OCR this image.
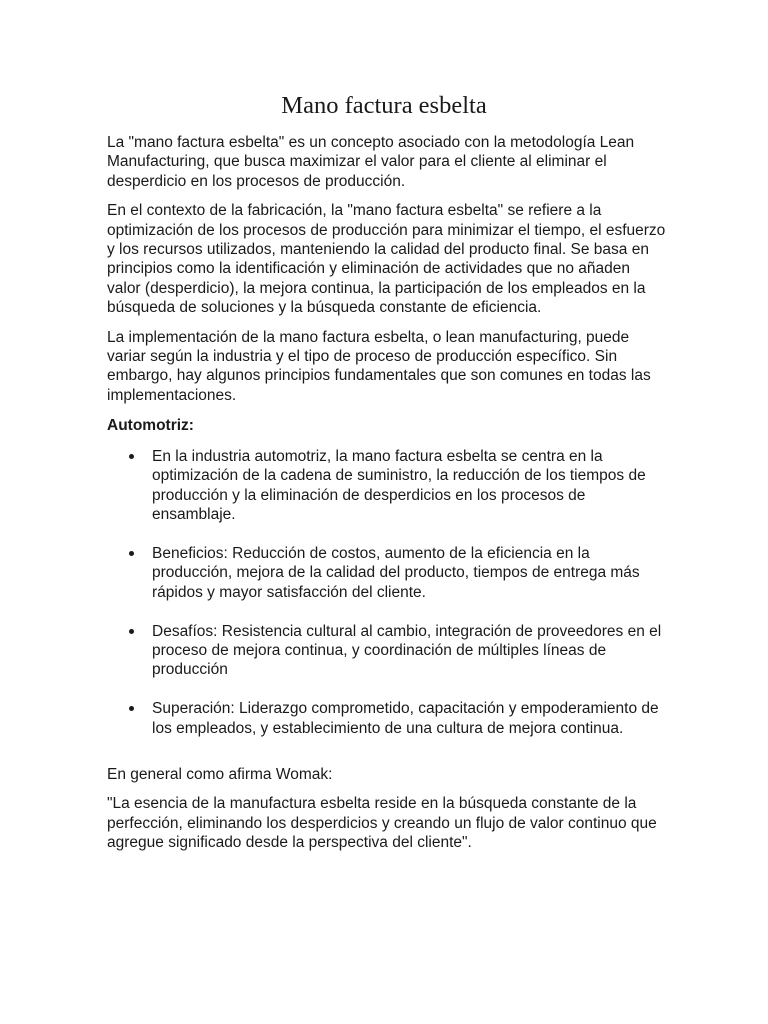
Mano factura esbelta

La "mano factura esbelta" es un concepto asociado con la metodología Lean Manufacturing, que busca maximizar el valor para el cliente al eliminar el desperdicio en los procesos de producción.

En el contexto de la fabricación, la "mano factura esbelta" se refiere a la optimización de los procesos de producción para minimizar el tiempo, el esfuerzo y los recursos utilizados, manteniendo la calidad del producto final. Se basa en principios como la identificación y eliminación de actividades que no añaden valor (desperdicio), la mejora continua, la participación de los empleados en la búsqueda de soluciones y la búsqueda constante de eficiencia.

La implementación de la mano factura esbelta, o lean manufacturing, puede variar según la industria y el tipo de proceso de producción específico. Sin embargo, hay algunos principios fundamentales que son comunes en todas las implementaciones.

Automotriz:

En la industria automotriz, la mano factura esbelta se centra en la optimización de la cadena de suministro, la reducción de los tiempos de producción y la eliminación de desperdicios en los procesos de ensamblaje.
Beneficios: Reducción de costos, aumento de la eficiencia en la producción, mejora de la calidad del producto, tiempos de entrega más rápidos y mayor satisfacción del cliente.
Desafíos: Resistencia cultural al cambio, integración de proveedores en el proceso de mejora continua, y coordinación de múltiples líneas de producción
Superación: Liderazgo comprometido, capacitación y empoderamiento de los empleados, y establecimiento de una cultura de mejora continua.

En general como afirma Womak:

"La esencia de la manufactura esbelta reside en la búsqueda constante de la perfección, eliminando los desperdicios y creando un flujo de valor continuo que agregue significado desde la perspectiva del cliente".
